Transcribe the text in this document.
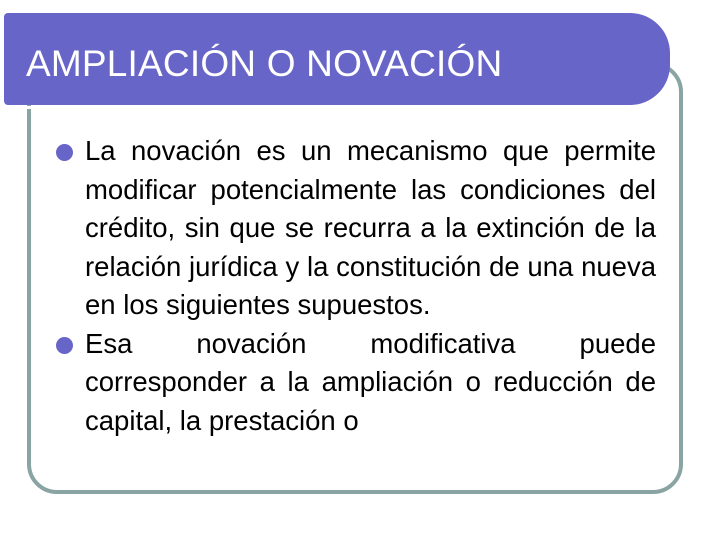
AMPLIACIÓN O NOVACIÓN

La novación es un mecanismo que permite modificar potencialmente las condiciones del crédito, sin que se recurra a la extinción de la relación jurídica y la constitución de una nueva en los siguientes supuestos.

Esa novación modificativa puede corresponder a la ampliación o reducción de capital, la prestación o
